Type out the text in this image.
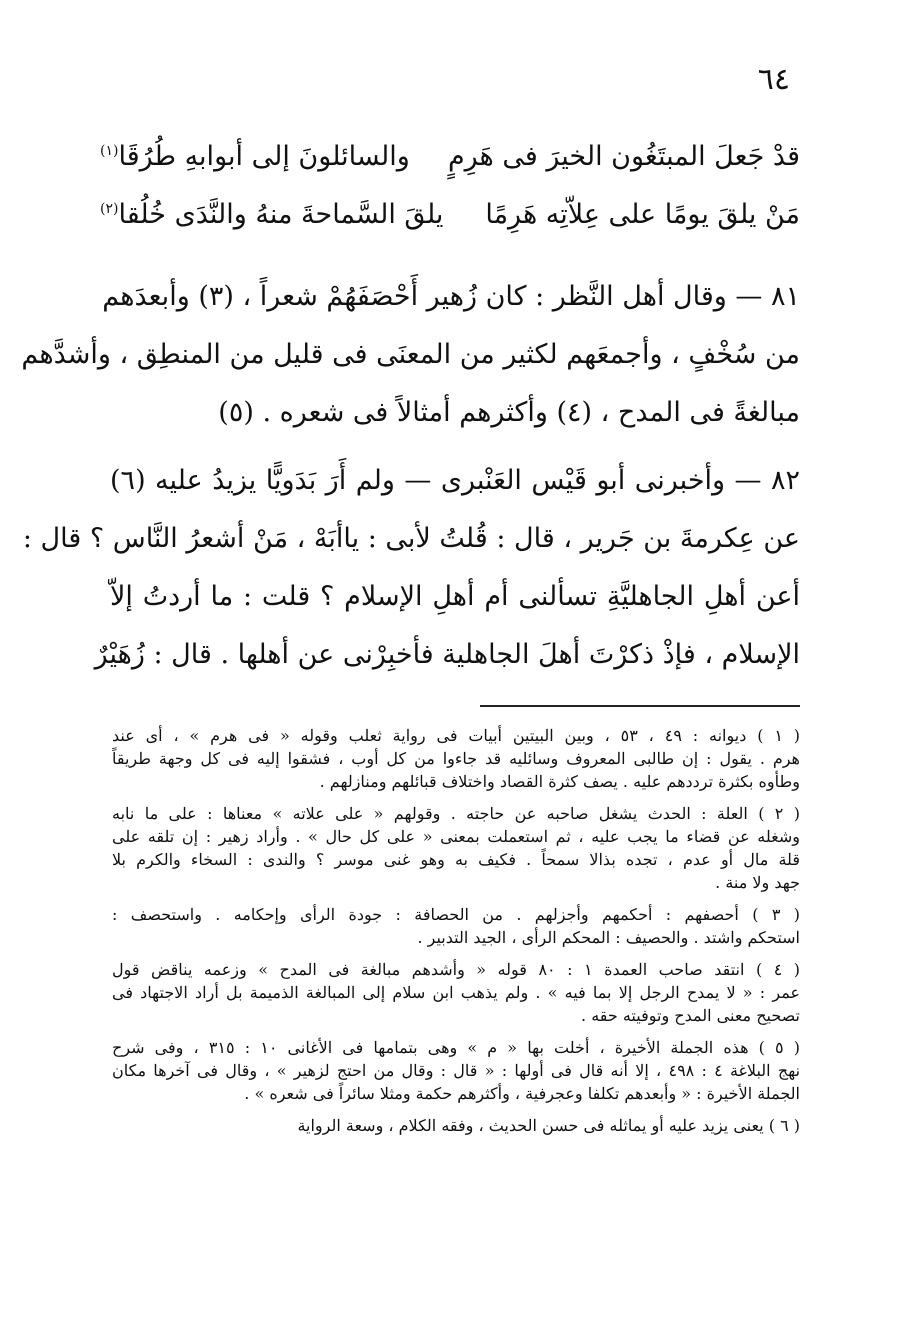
٦٤
قدْ جَعلَ المبتَغُون الخيرَ فى هَرِمٍ
والسائلونَ إلى أبوابهِ طُرُقَا$^{(١)}$
مَنْ يلقَ يومًا على عِلاّتِه هَرِمًا
يلقَ السَّماحةَ منهُ والنَّدَى خُلُقا$^{(٢)}$
٨١ — وقال أهل النَّظر : كان زُهير أَحْصَفَهُمْ شعراً ، (٣) وأبعدَهم
من سُخْفٍ ، وأجمعَهم لكثير من المعنَى فى قليل من المنطِق ، وأشدَّهم
مبالغةً فى المدح ، (٤) وأكثرهم أمثالاً فى شعره . (٥)
٨٢ — وأخبرنى أبو قَيْس العَنْبرى — ولم أَرَ بَدَويًّا يزيدُ عليه (٦)
عن عِكرمةَ بن جَرير ، قال : قُلتُ لأبى : ياأبَهْ ، مَنْ أشعرُ النَّاس ؟ قال :
أعن أهلِ الجاهليَّةِ تسألنى أم أهلِ الإسلام ؟ قلت : ما أردتُ إلاّ
الإسلام ، فإذْ ذكرْتَ أهلَ الجاهلية فأخبِرْنى عن أهلها . قال : زُهَيْرٌ
( ١ ) ديوانه : ٤٩ ، ٥٣ ، وبين البيتين أبيات فى رواية ثعلب وقوله « فى هرم » ، أى عند
هرم . يقول : إن طالبى المعروف وسائليه قد جاءوا من كل أوب ، فشقوا إليه فى كل وجهة طريقاً
وطأوه بكثرة ترددهم عليه . يصف كثرة القصاد واختلاف قبائلهم ومنازلهم .
( ٢ ) العلة : الحدث يشغل صاحبه عن حاجته . وقولهم « على علاته » معناها : على ما نابه
وشغله عن قضاء ما يجب عليه ، ثم استعملت بمعنى « على كل حال » . وأراد زهير : إن تلقه على
قلة مال أو عدم ، تجده بذالا سمحاً . فكيف به وهو غنى موسر ؟ والندى : السخاء والكرم بلا
جهد ولا منة .
( ٣ ) أحصفهم : أحكمهم وأجزلهم . من الحصافة : جودة الرأى وإحكامه . واستحصف :
استحكم واشتد . والحصيف : المحكم الرأى ، الجيد التدبير .
( ٤ ) انتقد صاحب العمدة ١ : ٨٠ قوله « وأشدهم مبالغة فى المدح » وزعمه يناقض قول
عمر : « لا يمدح الرجل إلا بما فيه » . ولم يذهب ابن سلام إلى المبالغة الذميمة بل أراد الاجتهاد فى
تصحيح معنى المدح وتوفيته حقه .
( ٥ ) هذه الجملة الأخيرة ، أخلت بها « م » وهى بتمامها فى الأغانى ١٠ : ٣١٥ ، وفى شرح
نهج البلاغة ٤ : ٤٩٨ ، إلا أنه قال فى أولها : « قال : وقال من احتج لزهير » ، وقال فى آخرها مكان
الجملة الأخيرة : « وأبعدهم تكلفا وعجرفية ، وأكثرهم حكمة ومثلا سائراً فى شعره » .
( ٦ ) يعنى يزيد عليه أو يماثله فى حسن الحديث ، وفقه الكلام ، وسعة الرواية
